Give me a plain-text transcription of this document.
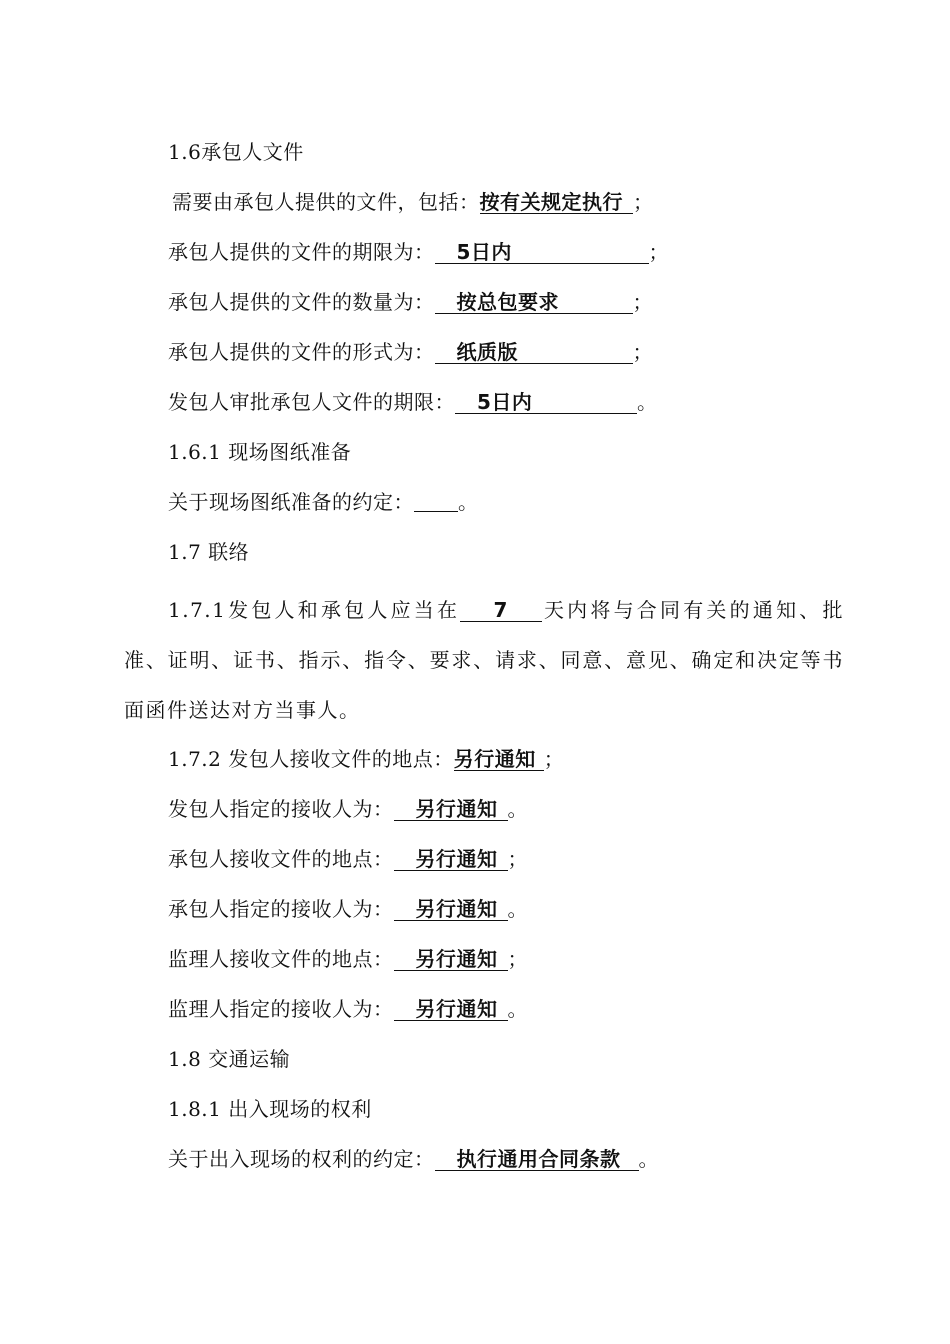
1.6承包人文件
需要由承包人提供的文件，包括：按有关规定执行 ；
承包人提供的文件的期限为： 5日内	；
承包人提供的文件的数量为： 按总包要求	；
承包人提供的文件的形式为： 纸质版	；
发包人审批承包人文件的期限： 5日内	。
1.6.1 现场图纸准备
关于现场图纸准备的约定： 。
1.7 联络
1.7.1发包人和承包人应当在 7 天内将与合同有关的通知、批准、证明、证书、指示、指令、要求、请求、同意、意见、确定和决定等书面函件送达对方当事人。
1.7.2 发包人接收文件的地点：另行通知 ；
发包人指定的接收人为： 另行通知 。
承包人接收文件的地点： 另行通知 ；
承包人指定的接收人为： 另行通知 。
监理人接收文件的地点： 另行通知 ；
监理人指定的接收人为： 另行通知 。
1.8 交通运输
1.8.1 出入现场的权利
关于出入现场的权利的约定： 执行通用合同条款 。
